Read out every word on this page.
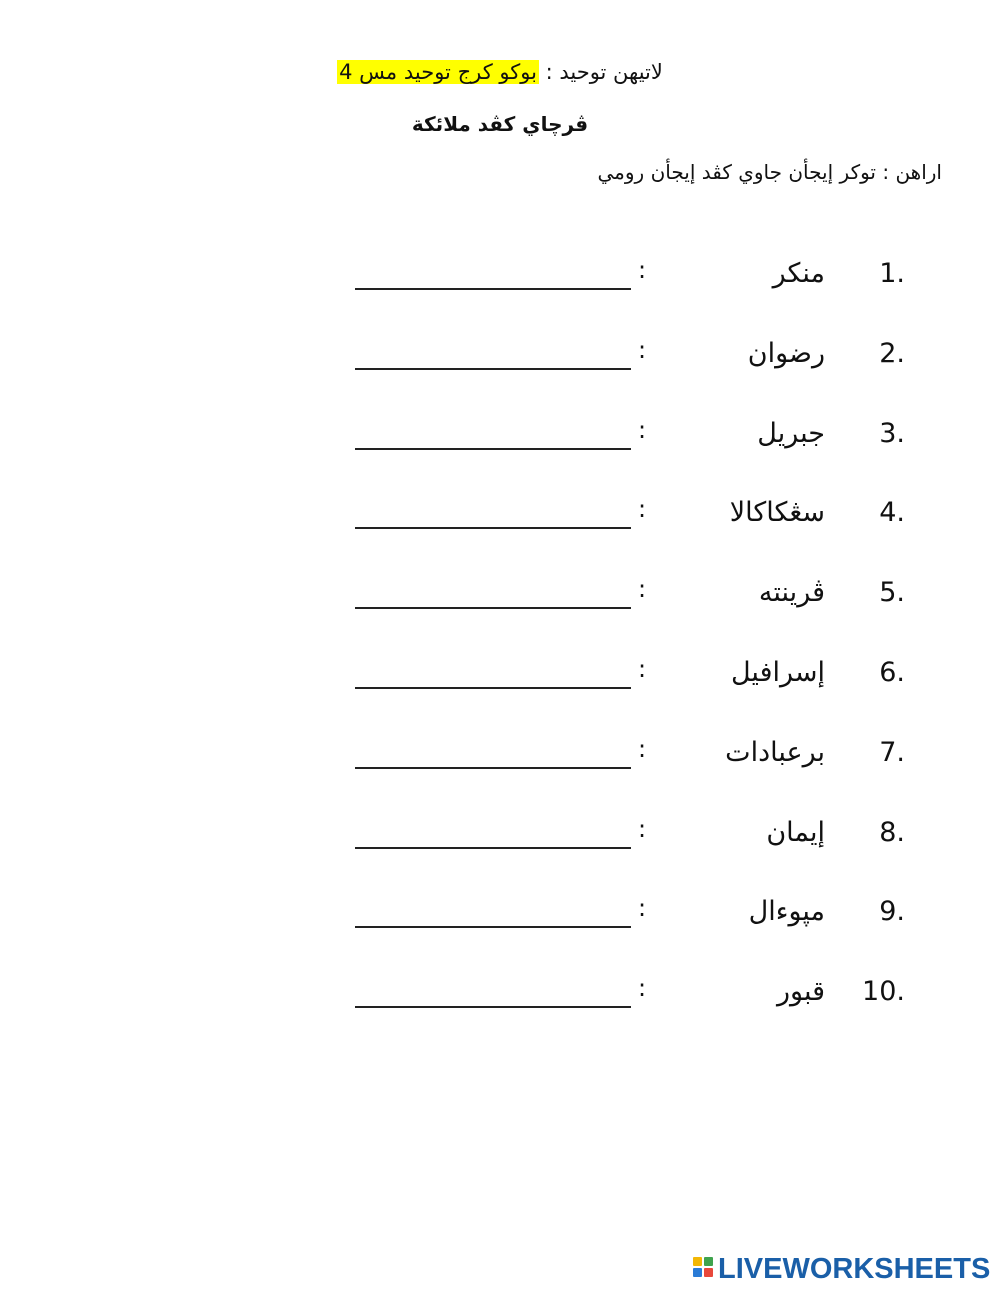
لاتيهن توحيد : بوكو كرج توحيد مس 4
ڤرچاي كڤد ملائكة
اراهن : توكر إيجأن جاوي كڤد إيجأن رومي
1.
منكر
:
2.
رضوان
:
3.
جبريل
:
4.
سڠكاكالا
:
5.
ڤرينته
:
6.
إسرافيل
:
7.
برعبادات
:
8.
إيمان
:
9.
مپوءال
:
10.
قبور
:
LIVEWORKSHEETS
